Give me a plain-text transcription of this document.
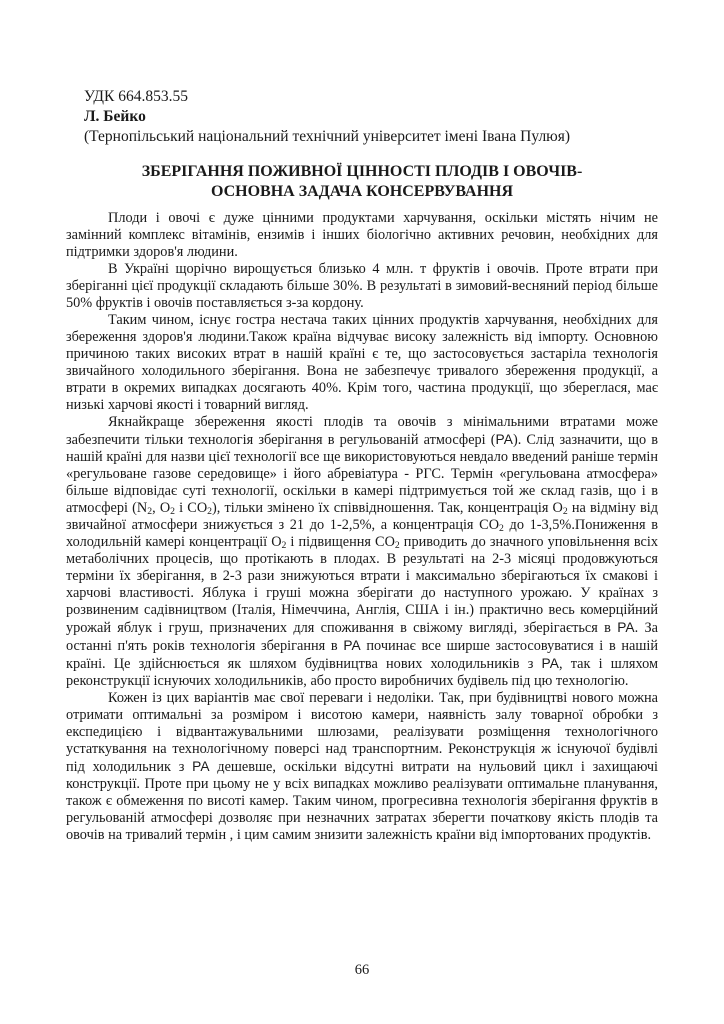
УДК 664.853.55
Л. Бейко
(Тернопільський національний технічний університет імені Івана Пулюя)
ЗБЕРІГАННЯ ПОЖИВНОЇ ЦІННОСТІ ПЛОДІВ І ОВОЧІВ-
ОСНОВНА ЗАДАЧА КОНСЕРВУВАННЯ

Плоди і овочі є дуже цінними продуктами харчування, оскільки містять нічим не замінний комплекс вітамінів, ензимів і інших біологічно активних речовин, необхідних для підтримки здоров'я людини.

В Україні щорічно вирощується близько 4 млн. т фруктів і овочів. Проте втрати при зберіганні цієї продукції складають більше 30%. В результаті в зимовий-весняний період більше 50% фруктів і овочів поставляється з-за кордону.

Таким чином, існує гостра нестача таких цінних продуктів харчування, необхідних для збереження здоров'я людини.Також країна відчуває високу залежність від імпорту. Основною причиною таких високих втрат в нашій країні є те, що застосовується застаріла технологія звичайного холодильного зберігання. Вона не забезпечує тривалого збереження продукції, а втрати в окремих випадках досягають 40%. Крім того, частина продукції, що збереглася, має низькі харчові якості і товарний вигляд.

Якнайкраще збереження якості плодів та овочів з мінімальними втратами може забезпечити тільки технологія зберігання в регульованій атмосфері (РА). Слід зазначити, що в нашій країні для назви цієї технології все ще використовуються невдало введений раніше термін «регульоване газове середовище» і його абревіатура - РГС. Термін «регульована атмосфера» більше відповідає суті технології, оскільки в камері підтримується той же склад газів, що і в атмосфері (N2, O2 і CO2), тільки змінено їх співвідношення. Так, концентрація O2 на відміну від звичайної атмосфери знижується з 21 до 1-2,5%, а концентрація CO2 до 1-3,5%.Пониження в холодильній камері концентрації O2 і підвищення CO2 приводить до значного уповільнення всіх метаболічних процесів, що протікають в плодах. В результаті на 2-3 місяці продовжуються терміни їх зберігання, в 2-3 рази знижуються втрати і максимально зберігаються їх смакові і харчові властивості. Яблука і груші можна зберігати до наступного урожаю. У країнах з розвиненим садівництвом (Італія, Німеччина, Англія, США і ін.) практично весь комерційний урожай яблук і груш, призначених для споживання в свіжому вигляді, зберігається в РА. За останні п'ять років технологія зберігання в РА починає все ширше застосовуватися і в нашій країні. Це здійснюється як шляхом будівництва нових холодильників з РА, так і шляхом реконструкції існуючих холодильників, або просто виробничих будівель під цю технологію.

Кожен із цих варіантів має свої переваги і недоліки. Так, при будівництві нового можна отримати оптимальні за розміром і висотою камери, наявність залу товарної обробки з експедицією і відвантажувальними шлюзами, реалізувати розміщення технологічного устаткування на технологічному поверсі над транспортним. Реконструкція ж існуючої будівлі під холодильник з РА дешевше, оскільки відсутні витрати на нульовий цикл і захищаючі конструкції. Проте при цьому не у всіх випадках можливо реалізувати оптимальне планування, також є обмеження по висоті камер. Таким чином, прогресивна технологія зберігання фруктів в регульованій атмосфері дозволяє при незначних затратах зберегти початкову якість плодів та овочів на тривалий термін , і цим самим знизити залежність країни від імпортованих продуктів.

66
